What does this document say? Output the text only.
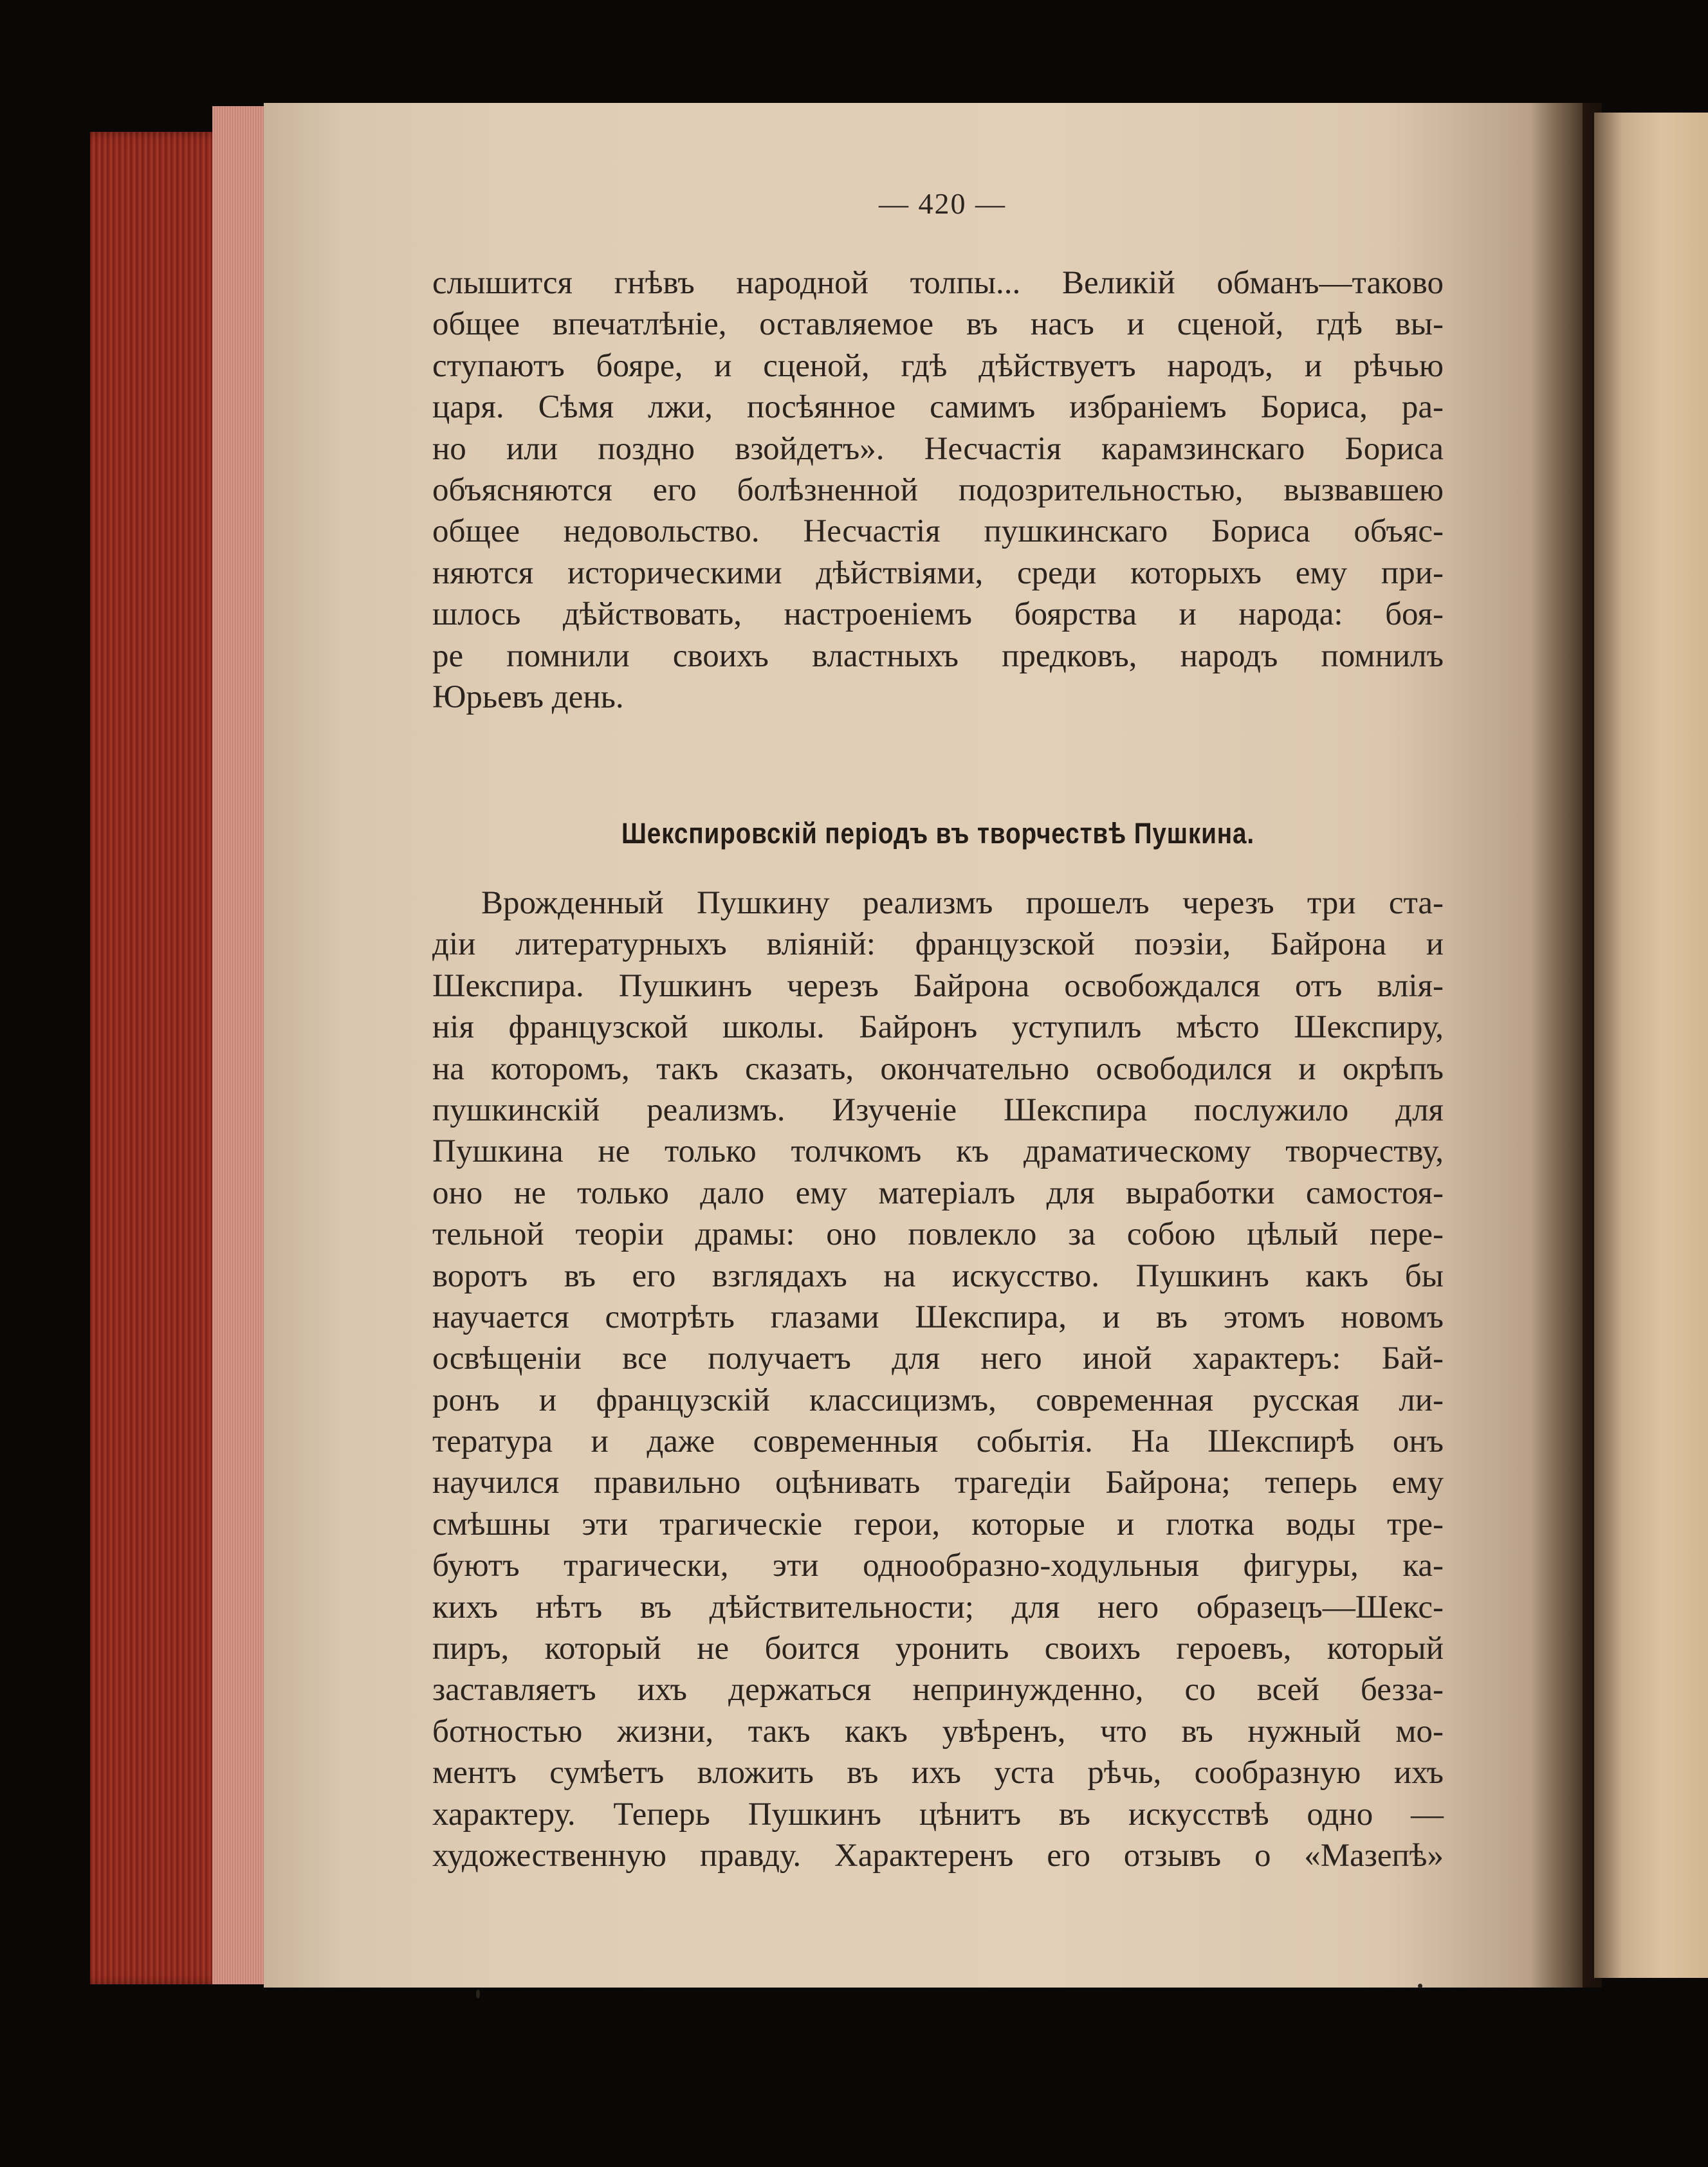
— 420 —
слышится гнѣвъ народной толпы... Великій обманъ—таково
общее впечатлѣніе, оставляемое въ насъ и сценой, гдѣ вы-
ступаютъ бояре, и сценой, гдѣ дѣйствуетъ народъ, и рѣчью
царя. Сѣмя лжи, посѣянное самимъ избраніемъ Бориса, ра-
но или поздно взойдетъ». Несчастія карамзинскаго Бориса
объясняются его болѣзненной подозрительностью, вызвавшею
общее недовольство. Несчастія пушкинскаго Бориса объяс-
няются историческими дѣйствіями, среди которыхъ ему при-
шлось дѣйствовать, настроеніемъ боярства и народа: боя-
ре помнили своихъ властныхъ предковъ, народъ помнилъ
Юрьевъ день.
Шекспировскій періодъ въ творчествѣ Пушкина.
Врожденный Пушкину реализмъ прошелъ черезъ три ста-
діи литературныхъ вліяній: французской поэзіи, Байрона и
Шекспира. Пушкинъ черезъ Байрона освобождался отъ влія-
нія французской школы. Байронъ уступилъ мѣсто Шекспиру,
на которомъ, такъ сказать, окончательно освободился и окрѣпъ
пушкинскій реализмъ. Изученіе Шекспира послужило для
Пушкина не только толчкомъ къ драматическому творчеству,
оно не только дало ему матеріалъ для выработки самостоя-
тельной теоріи драмы: оно повлекло за собою цѣлый пере-
воротъ въ его взглядахъ на искусство. Пушкинъ какъ бы
научается смотрѣть глазами Шекспира, и въ этомъ новомъ
освѣщеніи все получаетъ для него иной характеръ: Бай-
ронъ и французскій классицизмъ, современная русская ли-
тература и даже современныя событія. На Шекспирѣ онъ
научился правильно оцѣнивать трагедіи Байрона; теперь ему
смѣшны эти трагическіе герои, которые и глотка воды тре-
буютъ трагически, эти однообразно-ходульныя фигуры, ка-
кихъ нѣтъ въ дѣйствительности; для него образецъ—Шекс-
пиръ, который не боится уронить своихъ героевъ, который
заставляетъ ихъ держаться непринужденно, со всей безза-
ботностью жизни, такъ какъ увѣренъ, что въ нужный мо-
ментъ сумѣетъ вложить въ ихъ уста рѣчь, сообразную ихъ
характеру. Теперь Пушкинъ цѣнитъ въ искусствѣ одно —
художественную правду. Характеренъ его отзывъ о «Мазепѣ»
